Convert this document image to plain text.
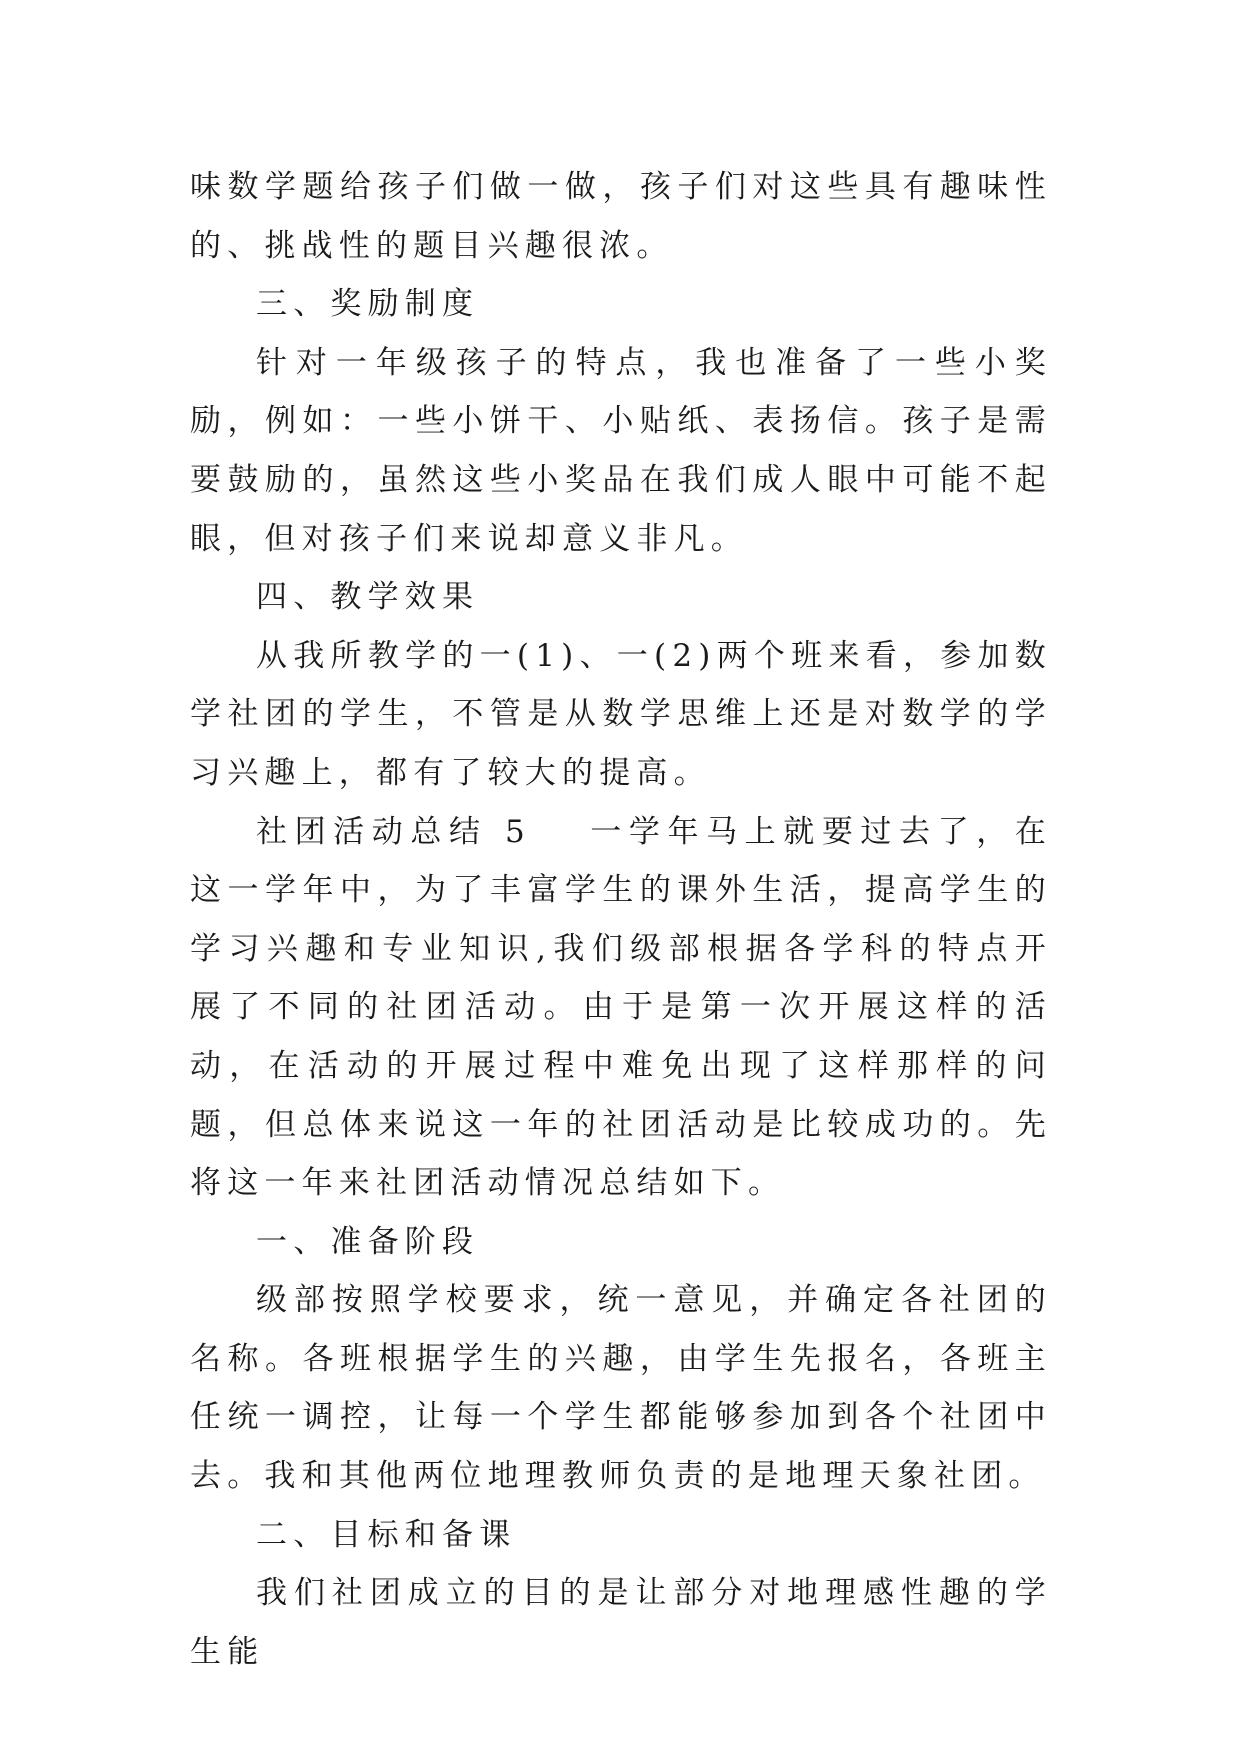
味数学题给孩子们做一做，孩子们对这些具有趣味性的、挑战性的题目兴趣很浓。

三、奖励制度

针对一年级孩子的特点，我也准备了一些小奖励，例如：一些小饼干、小贴纸、表扬信。孩子是需要鼓励的，虽然这些小奖品在我们成人眼中可能不起眼，但对孩子们来说却意义非凡。

四、教学效果

从我所教学的一(1)、一(2)两个班来看，参加数学社团的学生，不管是从数学思维上还是对数学的学习兴趣上，都有了较大的提高。

社团活动总结 5 一学年马上就要过去了，在这一学年中，为了丰富学生的课外生活，提高学生的学习兴趣和专业知识,我们级部根据各学科的特点开展了不同的社团活动。由于是第一次开展这样的活动，在活动的开展过程中难免出现了这样那样的问题，但总体来说这一年的社团活动是比较成功的。先将这一年来社团活动情况总结如下。

一、准备阶段

级部按照学校要求，统一意见，并确定各社团的名称。各班根据学生的兴趣，由学生先报名，各班主任统一调控，让每一个学生都能够参加到各个社团中去。我和其他两位地理教师负责的是地理天象社团。

二、目标和备课

我们社团成立的目的是让部分对地理感性趣的学生能
